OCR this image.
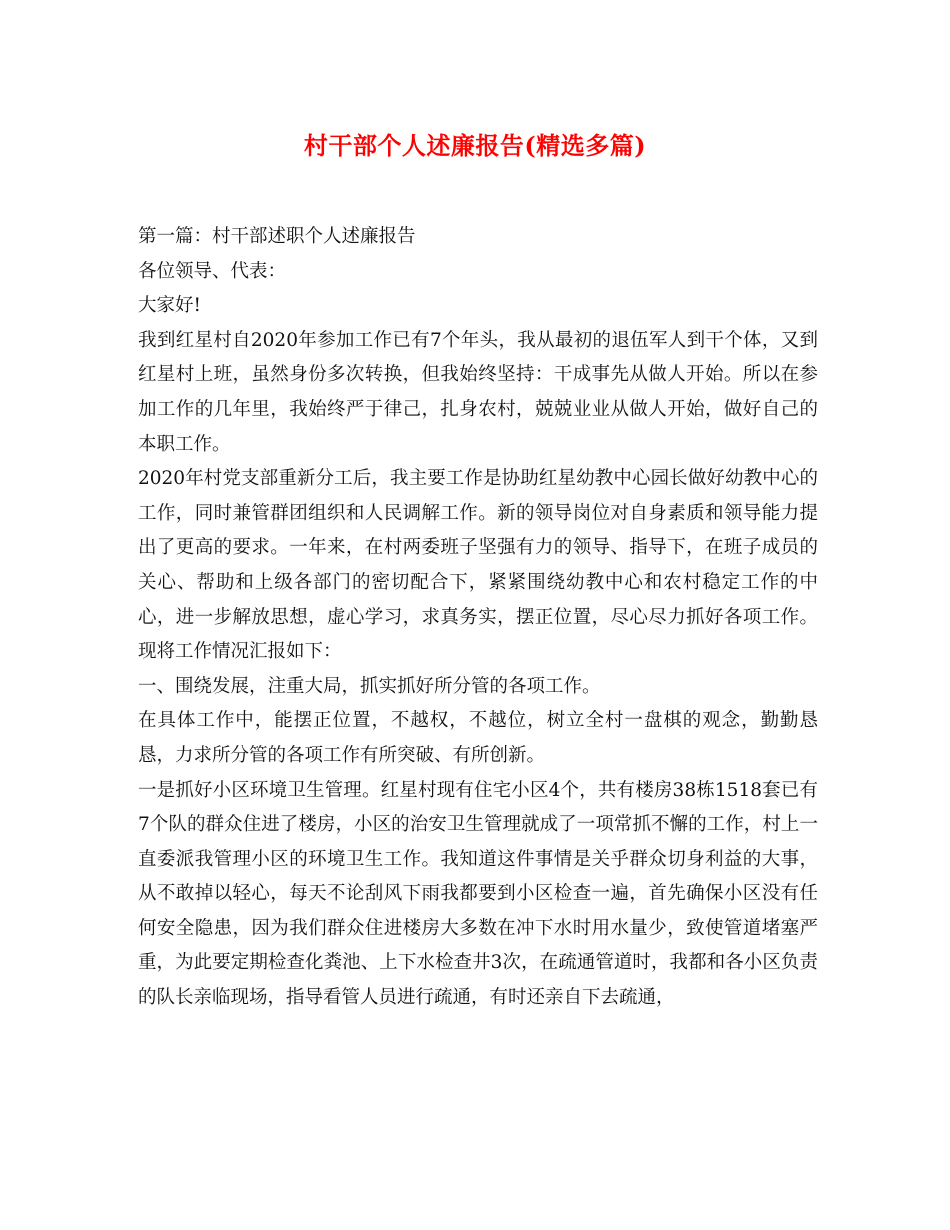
村干部个人述廉报告(精选多篇)

第一篇：村干部述职个人述廉报告

各位领导、代表：

大家好!

我到红星村自2020年参加工作已有7个年头，我从最初的退伍军人到干个体，又到红星村上班，虽然身份多次转换，但我始终坚持：干成事先从做人开始。所以在参加工作的几年里，我始终严于律己，扎身农村，兢兢业业从做人开始，做好自己的本职工作。

2020年村党支部重新分工后，我主要工作是协助红星幼教中心园长做好幼教中心的工作，同时兼管群团组织和人民调解工作。新的领导岗位对自身素质和领导能力提出了更高的要求。一年来，在村两委班子坚强有力的领导、指导下，在班子成员的关心、帮助和上级各部门的密切配合下，紧紧围绕幼教中心和农村稳定工作的中心，进一步解放思想，虚心学习，求真务实，摆正位置，尽心尽力抓好各项工作。现将工作情况汇报如下：

一、围绕发展，注重大局，抓实抓好所分管的各项工作。

在具体工作中，能摆正位置，不越权，不越位，树立全村一盘棋的观念，勤勤恳恳，力求所分管的各项工作有所突破、有所创新。

一是抓好小区环境卫生管理。红星村现有住宅小区4个，共有楼房38栋1518套已有7个队的群众住进了楼房，小区的治安卫生管理就成了一项常抓不懈的工作，村上一直委派我管理小区的环境卫生工作。我知道这件事情是关乎群众切身利益的大事，从不敢掉以轻心，每天不论刮风下雨我都要到小区检查一遍，首先确保小区没有任何安全隐患，因为我们群众住进楼房大多数在冲下水时用水量少，致使管道堵塞严重，为此要定期检查化粪池、上下水检查井3次，在疏通管道时，我都和各小区负责的队长亲临现场，指导看管人员进行疏通，有时还亲自下去疏通，
